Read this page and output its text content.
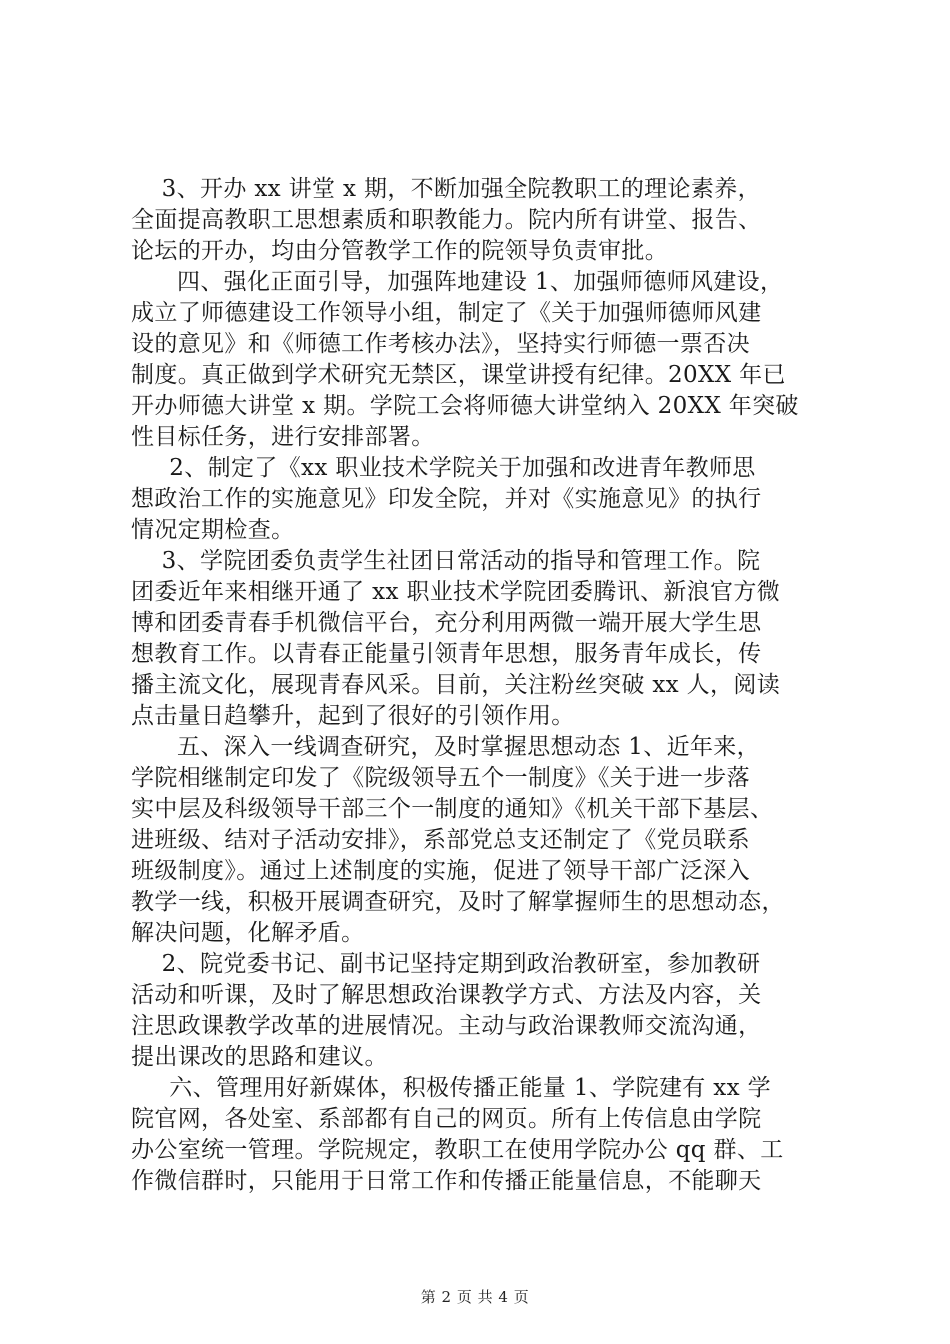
3、开办 xx 讲堂 x 期，不断加强全院教职工的理论素养，
全面提高教职工思想素质和职教能力。院内所有讲堂、报告、
论坛的开办，均由分管教学工作的院领导负责审批。
四、强化正面引导，加强阵地建设 1、加强师德师风建设，
成立了师德建设工作领导小组，制定了《关于加强师德师风建
设的意见》和《师德工作考核办法》，坚持实行师德一票否决
制度。真正做到学术研究无禁区，课堂讲授有纪律。20XX 年已
开办师德大讲堂 x 期。学院工会将师德大讲堂纳入 20XX 年突破
性目标任务，进行安排部署。
2、制定了《xx 职业技术学院关于加强和改进青年教师思
想政治工作的实施意见》印发全院，并对《实施意见》的执行
情况定期检查。
3、学院团委负责学生社团日常活动的指导和管理工作。院
团委近年来相继开通了 xx 职业技术学院团委腾讯、新浪官方微
博和团委青春手机微信平台，充分利用两微一端开展大学生思
想教育工作。以青春正能量引领青年思想，服务青年成长，传
播主流文化，展现青春风采。目前，关注粉丝突破 xx 人，阅读
点击量日趋攀升，起到了很好的引领作用。
五、深入一线调查研究，及时掌握思想动态 1、近年来，
学院相继制定印发了《院级领导五个一制度》《关于进一步落
实中层及科级领导干部三个一制度的通知》《机关干部下基层、
进班级、结对子活动安排》，系部党总支还制定了《党员联系
班级制度》。通过上述制度的实施，促进了领导干部广泛深入
教学一线，积极开展调查研究，及时了解掌握师生的思想动态，
解决问题，化解矛盾。
2、院党委书记、副书记坚持定期到政治教研室，参加教研
活动和听课，及时了解思想政治课教学方式、方法及内容，关
注思政课教学改革的进展情况。主动与政治课教师交流沟通，
提出课改的思路和建议。
六、管理用好新媒体，积极传播正能量 1、学院建有 xx 学
院官网，各处室、系部都有自己的网页。所有上传信息由学院
办公室统一管理。学院规定，教职工在使用学院办公 qq 群、工
作微信群时，只能用于日常工作和传播正能量信息，不能聊天
第 2 页 共 4 页
